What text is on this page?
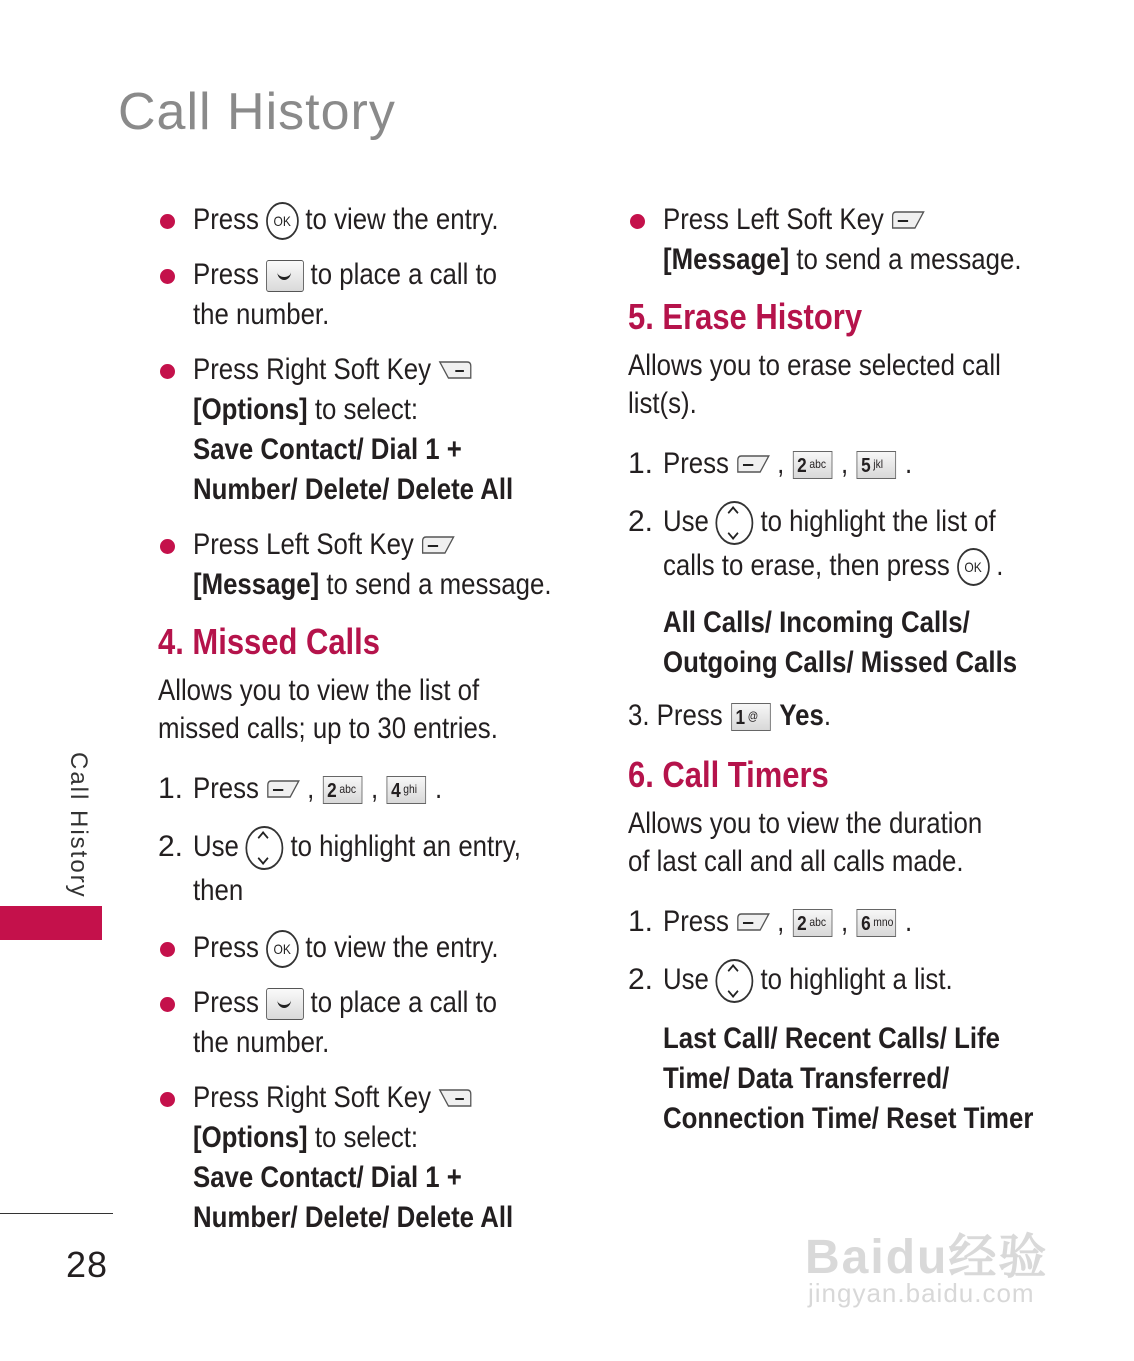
Call History
Press OK to view the entry.
Press to place a call to
the number.
Press Right Soft Key
[Options] to select:
Save Contact/ Dial 1 +
Number/ Delete/ Delete All
Press Left Soft Key
[Message] to send a message.
4. Missed Calls
Allows you to view the list of
missed calls; up to 30 entries.
1. Press , 2 $^{abc}$ , 4 $^{ghi}$ .
2. Use to highlight an entry,
then
Press OK to view the entry.
Press to place a call to
the number.
Press Right Soft Key
[Options] to select:
Save Contact/ Dial 1 +
Number/ Delete/ Delete All
Press Left Soft Key
[Message] to send a message.
5. Erase History
Allows you to erase selected call
list(s).
1. Press , 2 $^{abc}$ , 5 $^{jkl}$ .
2. Use to highlight the list of
calls to erase, then press OK .
All Calls/ Incoming Calls/
Outgoing Calls/ Missed Calls
3. Press 1 @ Yes.
6. Call Timers
Allows you to view the duration
of last call and all calls made.
1. Press , 2 $^{abc}$ , 6 $^{mno}$ .
2. Use to highlight a list.
Last Call/ Recent Calls/ Life
Time/ Data Transferred/
Connection Time/ Reset Timer
Call History
28	Baidu经验
jingyan.baidu.com
